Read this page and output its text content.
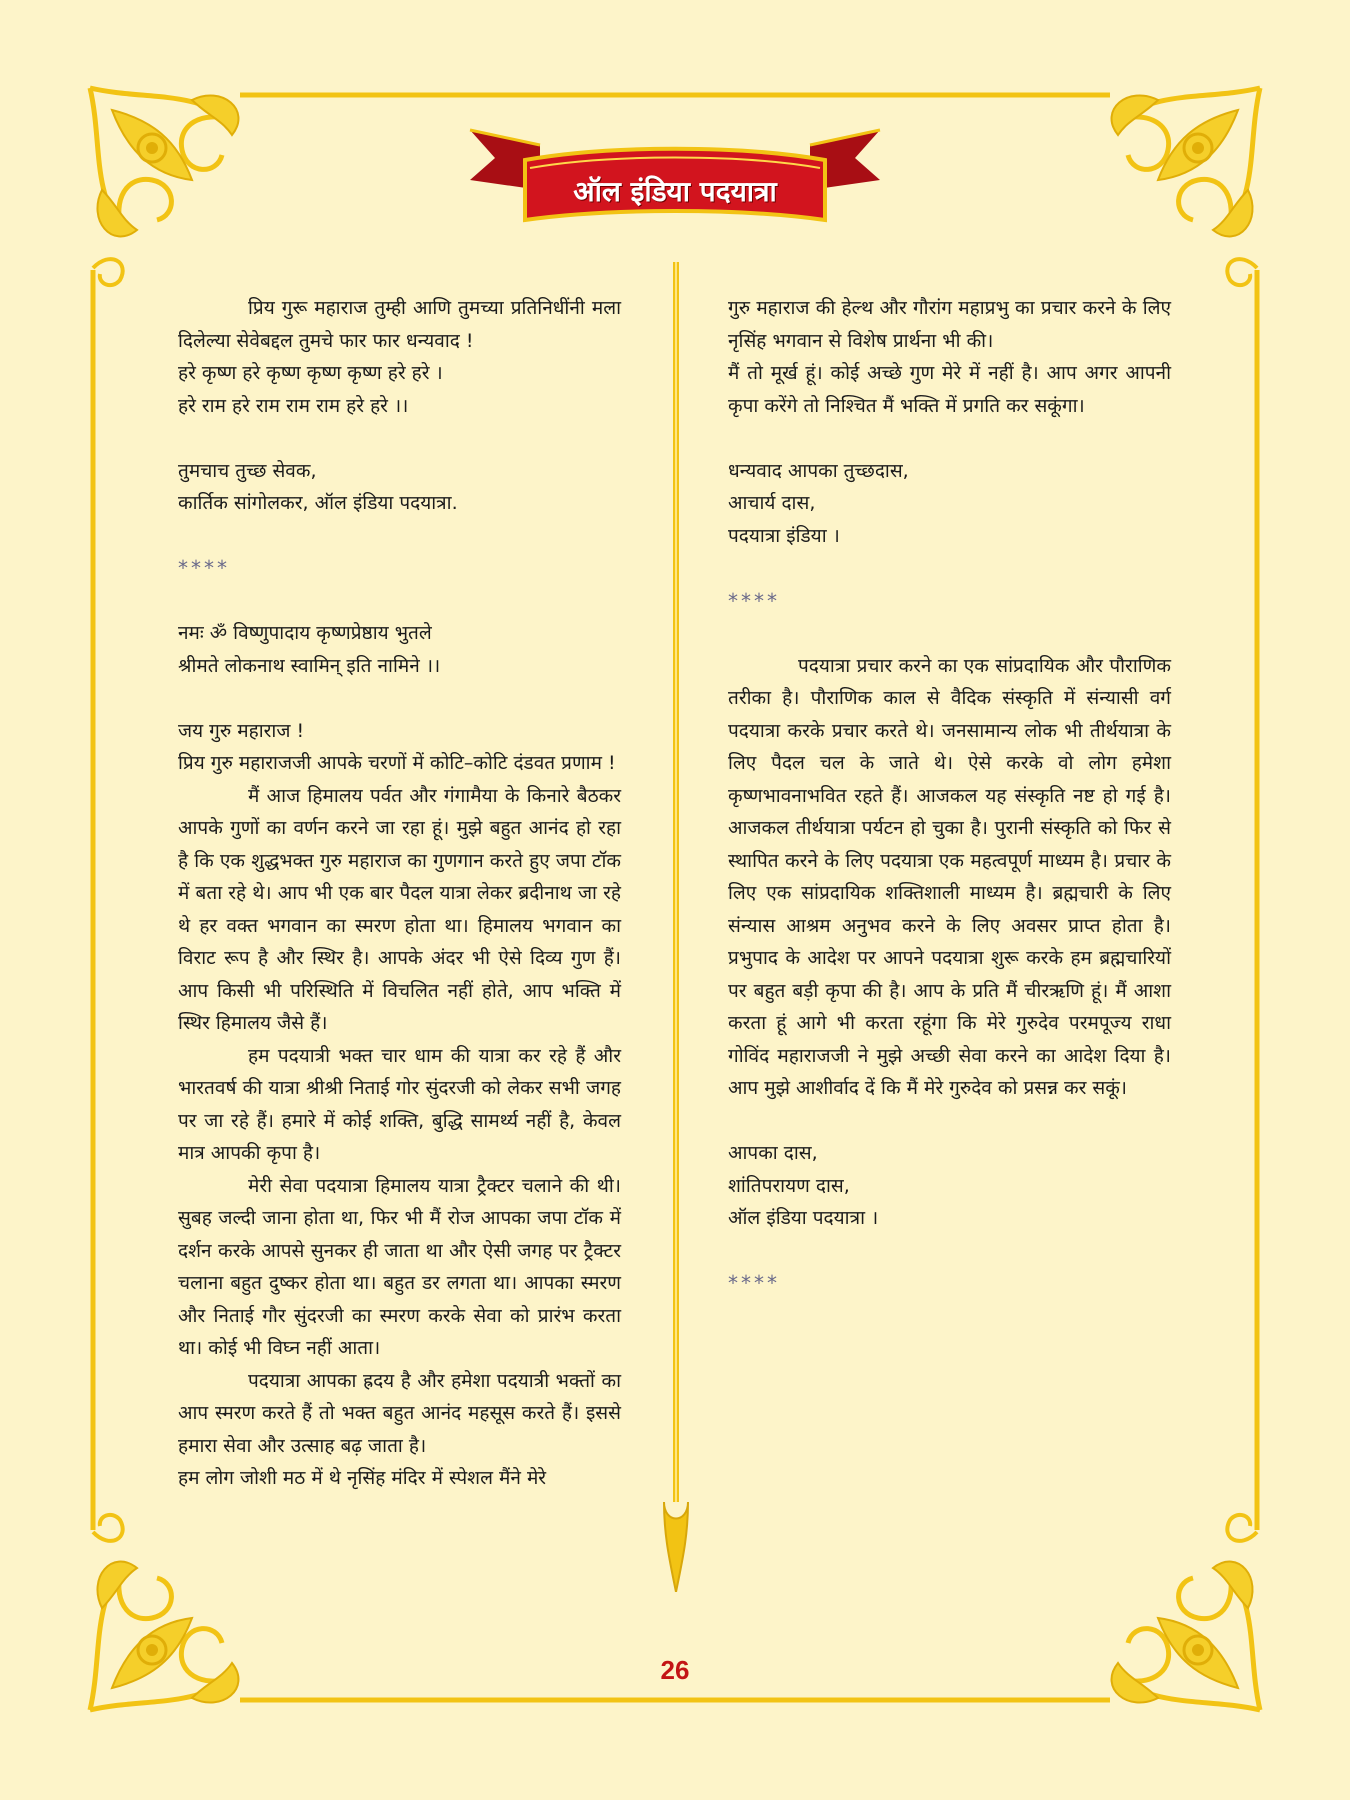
ऑल इंडिया पदयात्रा

प्रिय गुरू महाराज तुम्ही आणि तुमच्या प्रतिनिधींनी मला दिलेल्या सेवेबद्दल तुमचे फार फार धन्यवाद !

हरे कृष्ण हरे कृष्ण कृष्ण कृष्ण हरे हरे ।

हरे राम हरे राम राम राम हरे हरे ।।

तुमचाच तुच्छ सेवक,

कार्तिक सांगोलकर, ऑल इंडिया पदयात्रा.

****

नमः ॐ विष्णुपादाय कृष्णप्रेष्ठाय भुतले

श्रीमते लोकनाथ स्वामिन् इति नामिने ।।

जय गुरु महाराज !

प्रिय गुरु महाराजजी आपके चरणों में कोटि–कोटि दंडवत प्रणाम !

मैं आज हिमालय पर्वत और गंगामैया के किनारे बैठकर आपके गुणों का वर्णन करने जा रहा हूं। मुझे बहुत आनंद हो रहा है कि एक शुद्धभक्त गुरु महाराज का गुणगान करते हुए जपा टॉक में बता रहे थे। आप भी एक बार पैदल यात्रा लेकर ब्रदीनाथ जा रहे थे हर वक्त भगवान का स्मरण होता था। हिमालय भगवान का विराट रूप है और स्थिर है। आपके अंदर भी ऐसे दिव्य गुण हैं। आप किसी भी परिस्थिति में विचलित नहीं होते, आप भक्ति में स्थिर हिमालय जैसे हैं।

हम पदयात्री भक्त चार धाम की यात्रा कर रहे हैं और भारतवर्ष की यात्रा श्रीश्री निताई गोर सुंदरजी को लेकर सभी जगह पर जा रहे हैं। हमारे में कोई शक्ति, बुद्धि सामर्थ्य नहीं है, केवल मात्र आपकी कृपा है।

मेरी सेवा पदयात्रा हिमालय यात्रा ट्रैक्टर चलाने की थी। सुबह जल्दी जाना होता था, फिर भी मैं रोज आपका जपा टॉक में दर्शन करके आपसे सुनकर ही जाता था और ऐसी जगह पर ट्रैक्टर चलाना बहुत दुष्कर होता था। बहुत डर लगता था। आपका स्मरण और निताई गौर सुंदरजी का स्मरण करके सेवा को प्रारंभ करता था। कोई भी विघ्न नहीं आता।

पदयात्रा आपका ह्रदय है और हमेशा पदयात्री भक्तों का आप स्मरण करते हैं तो भक्त बहुत आनंद महसूस करते हैं। इससे हमारा सेवा और उत्साह बढ़ जाता है।

हम लोग जोशी मठ में थे नृसिंह मंदिर में स्पेशल मैंने मेरे

गुरु महाराज की हेल्थ और गौरांग महाप्रभु का प्रचार करने के लिए नृसिंह भगवान से विशेष प्रार्थना भी की।

मैं तो मूर्ख हूं। कोई अच्छे गुण मेरे में नहीं है। आप अगर आपनी कृपा करेंगे तो निश्चित मैं भक्ति में प्रगति कर सकूंगा।

धन्यवाद आपका तुच्छदास,

आचार्य दास,

पदयात्रा इंडिया ।

****

पदयात्रा प्रचार करने का एक सांप्रदायिक और पौराणिक तरीका है। पौराणिक काल से वैदिक संस्कृति में संन्यासी वर्ग पदयात्रा करके प्रचार करते थे। जनसामान्य लोक भी तीर्थयात्रा के लिए पैदल चल के जाते थे। ऐसे करके वो लोग हमेशा कृष्णभावनाभवित रहते हैं। आजकल यह संस्कृति नष्ट हो गई है। आजकल तीर्थयात्रा पर्यटन हो चुका है। पुरानी संस्कृति को फिर से स्थापित करने के लिए पदयात्रा एक महत्वपूर्ण माध्यम है। प्रचार के लिए एक सांप्रदायिक शक्तिशाली माध्यम है। ब्रह्मचारी के लिए संन्यास आश्रम अनुभव करने के लिए अवसर प्राप्त होता है। प्रभुपाद के आदेश पर आपने पदयात्रा शुरू करके हम ब्रह्मचारियों पर बहुत बड़ी कृपा की है। आप के प्रति मैं चीरऋणि हूं। मैं आशा करता हूं आगे भी करता रहूंगा कि मेरे गुरुदेव परमपूज्य राधा गोविंद महाराजजी ने मुझे अच्छी सेवा करने का आदेश दिया है। आप मुझे आशीर्वाद दें कि मैं मेरे गुरुदेव को प्रसन्न कर सकूं।

आपका दास,

शांतिपरायण दास,

ऑल इंडिया पदयात्रा ।

****

26
